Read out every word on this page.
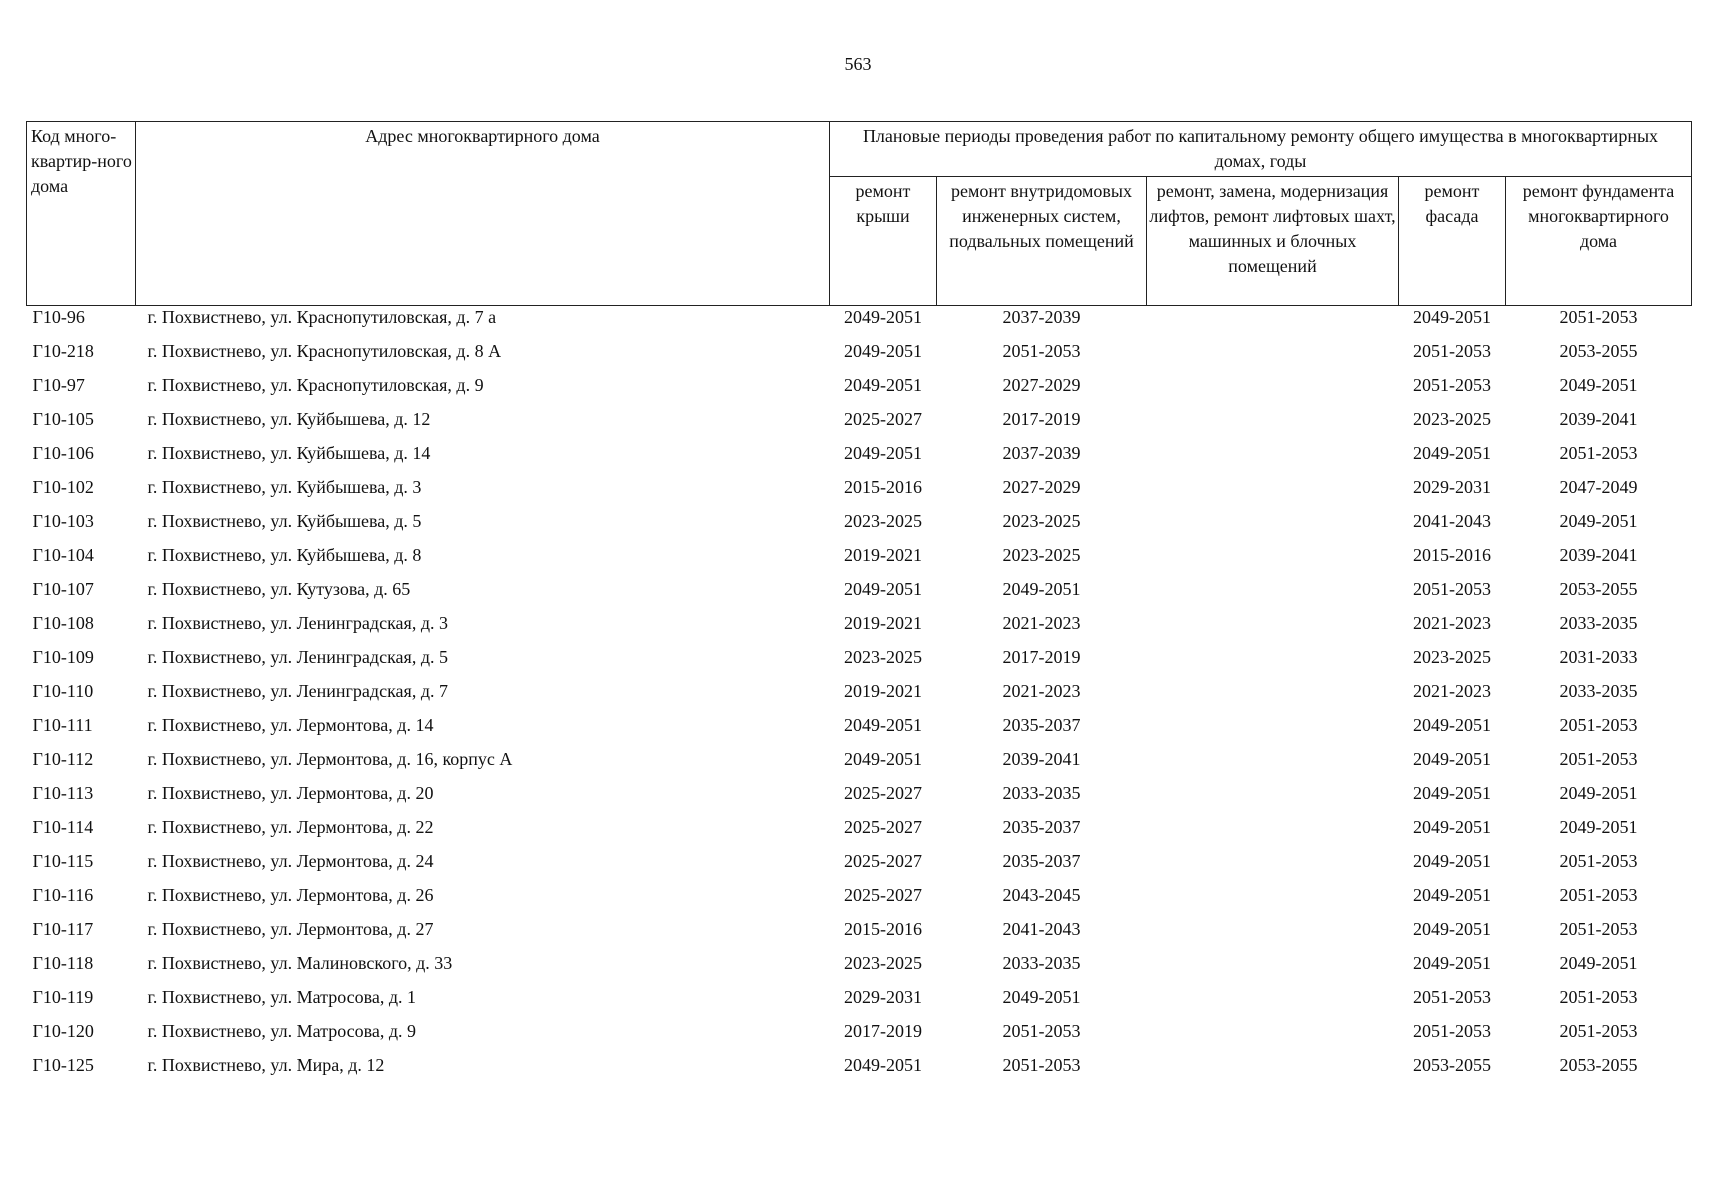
563
Код много-квартир-ного дома	Адрес многоквартирного дома	Плановые периоды проведения работ по капитальному ремонту общего имущества в многоквартирных домах, годы				
		ремонт крыши	ремонт внутридомовых инженерных систем, подвальных помещений	ремонт, замена, модернизация лифтов, ремонт лифтовых шахт, машинных и блочных помещений	ремонт фасада	ремонт фундамента многоквартирного дома
Г10-96	г. Похвистнево, ул. Краснопутиловская, д. 7 а	2049-2051	2037-2039		2049-2051	2051-2053
Г10-218	г. Похвистнево, ул. Краснопутиловская, д. 8 А	2049-2051	2051-2053		2051-2053	2053-2055
Г10-97	г. Похвистнево, ул. Краснопутиловская, д. 9	2049-2051	2027-2029		2051-2053	2049-2051
Г10-105	г. Похвистнево, ул. Куйбышева, д. 12	2025-2027	2017-2019		2023-2025	2039-2041
Г10-106	г. Похвистнево, ул. Куйбышева, д. 14	2049-2051	2037-2039		2049-2051	2051-2053
Г10-102	г. Похвистнево, ул. Куйбышева, д. 3	2015-2016	2027-2029		2029-2031	2047-2049
Г10-103	г. Похвистнево, ул. Куйбышева, д. 5	2023-2025	2023-2025		2041-2043	2049-2051
Г10-104	г. Похвистнево, ул. Куйбышева, д. 8	2019-2021	2023-2025		2015-2016	2039-2041
Г10-107	г. Похвистнево, ул. Кутузова, д. 65	2049-2051	2049-2051		2051-2053	2053-2055
Г10-108	г. Похвистнево, ул. Ленинградская, д. 3	2019-2021	2021-2023		2021-2023	2033-2035
Г10-109	г. Похвистнево, ул. Ленинградская, д. 5	2023-2025	2017-2019		2023-2025	2031-2033
Г10-110	г. Похвистнево, ул. Ленинградская, д. 7	2019-2021	2021-2023		2021-2023	2033-2035
Г10-111	г. Похвистнево, ул. Лермонтова, д. 14	2049-2051	2035-2037		2049-2051	2051-2053
Г10-112	г. Похвистнево, ул. Лермонтова, д. 16, корпус А	2049-2051	2039-2041		2049-2051	2051-2053
Г10-113	г. Похвистнево, ул. Лермонтова, д. 20	2025-2027	2033-2035		2049-2051	2049-2051
Г10-114	г. Похвистнево, ул. Лермонтова, д. 22	2025-2027	2035-2037		2049-2051	2049-2051
Г10-115	г. Похвистнево, ул. Лермонтова, д. 24	2025-2027	2035-2037		2049-2051	2051-2053
Г10-116	г. Похвистнево, ул. Лермонтова, д. 26	2025-2027	2043-2045		2049-2051	2051-2053
Г10-117	г. Похвистнево, ул. Лермонтова, д. 27	2015-2016	2041-2043		2049-2051	2051-2053
Г10-118	г. Похвистнево, ул. Малиновского, д. 33	2023-2025	2033-2035		2049-2051	2049-2051
Г10-119	г. Похвистнево, ул. Матросова, д. 1	2029-2031	2049-2051		2051-2053	2051-2053
Г10-120	г. Похвистнево, ул. Матросова, д. 9	2017-2019	2051-2053		2051-2053	2051-2053
Г10-125	г. Похвистнево, ул. Мира, д. 12	2049-2051	2051-2053		2053-2055	2053-2055
